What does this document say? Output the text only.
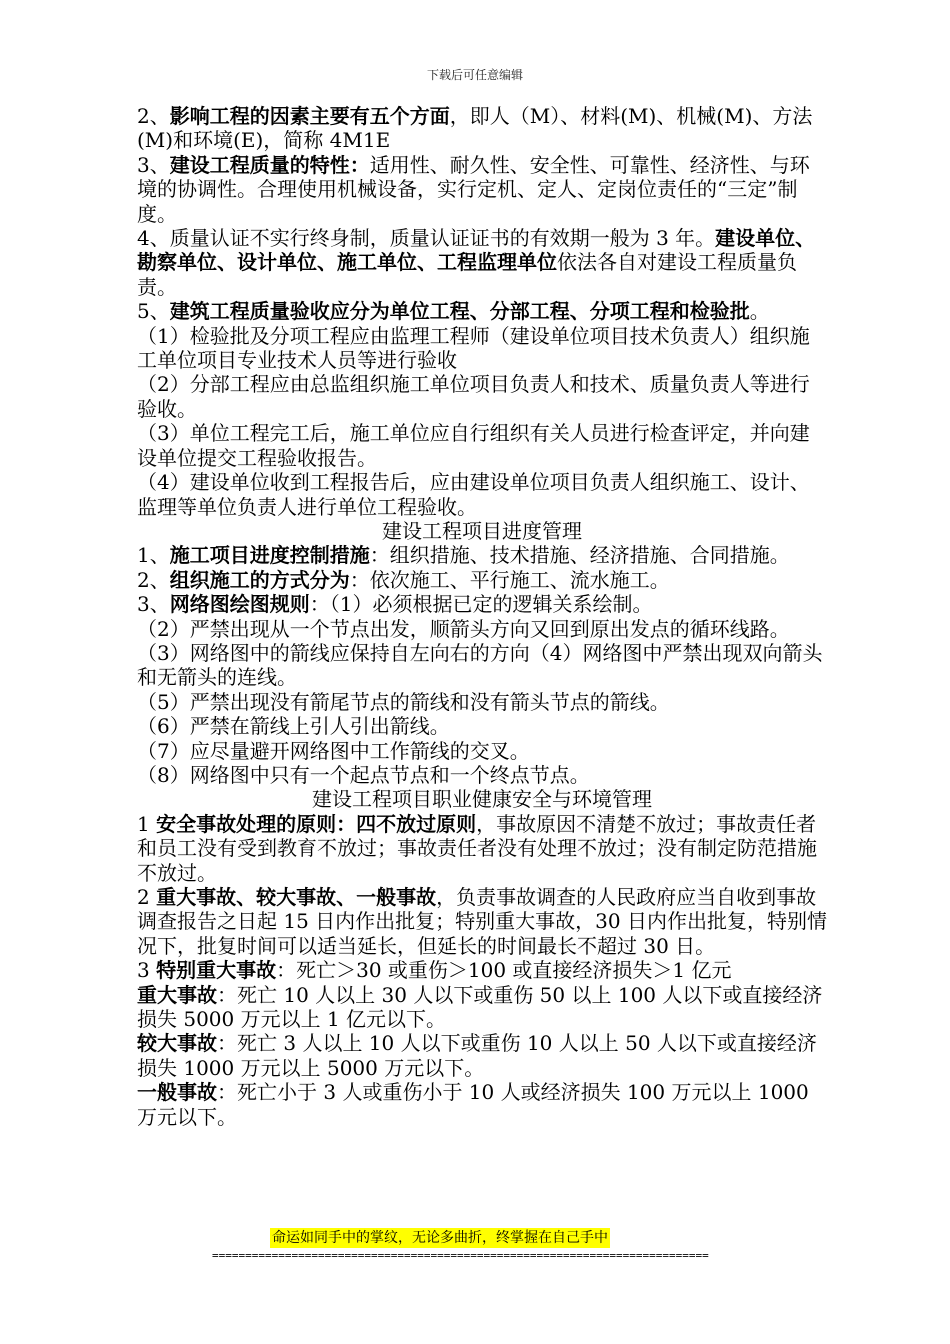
下载后可任意编辑

2、影响工程的因素主要有五个方面，即人（M）、材料(M)、机械(M)、方法(M)和环境(E)，简称 4M1E

3、建设工程质量的特性：适用性、耐久性、安全性、可靠性、经济性、与环境的协调性。合理使用机械设备，实行定机、定人、定岗位责任的“三定”制度。

4、质量认证不实行终身制，质量认证证书的有效期一般为 3 年。建设单位、勘察单位、设计单位、施工单位、工程监理单位依法各自对建设工程质量负责。

5、建筑工程质量验收应分为单位工程、分部工程、分项工程和检验批。

（1）检验批及分项工程应由监理工程师（建设单位项目技术负责人）组织施工单位项目专业技术人员等进行验收

（2）分部工程应由总监组织施工单位项目负责人和技术、质量负责人等进行验收。

（3）单位工程完工后，施工单位应自行组织有关人员进行检查评定，并向建设单位提交工程验收报告。

（4）建设单位收到工程报告后，应由建设单位项目负责人组织施工、设计、监理等单位负责人进行单位工程验收。

建设工程项目进度管理

1、施工项目进度控制措施：组织措施、技术措施、经济措施、合同措施。

2、组织施工的方式分为：依次施工、平行施工、流水施工。

3、网络图绘图规则：（1）必须根据已定的逻辑关系绘制。

（2）严禁出现从一个节点出发，顺箭头方向又回到原出发点的循环线路。

（3）网络图中的箭线应保持自左向右的方向（4）网络图中严禁出现双向箭头和无箭头的连线。

（5）严禁出现没有箭尾节点的箭线和没有箭头节点的箭线。

（6）严禁在箭线上引人引出箭线。

（7）应尽量避开网络图中工作箭线的交叉。

（8）网络图中只有一个起点节点和一个终点节点。

建设工程项目职业健康安全与环境管理

1 安全事故处理的原则：四不放过原则，事故原因不清楚不放过；事故责任者和员工没有受到教育不放过；事故责任者没有处理不放过；没有制定防范措施不放过。

2 重大事故、较大事故、一般事故，负责事故调查的人民政府应当自收到事故调查报告之日起 15 日内作出批复；特别重大事故，30 日内作出批复，特别情况下，批复时间可以适当延长，但延长的时间最长不超过 30 日。

3 特别重大事故：死亡＞30 或重伤＞100 或直接经济损失＞1 亿元

重大事故：死亡 10 人以上 30 人以下或重伤 50 以上 100 人以下或直接经济损失 5000 万元以上 1 亿元以下。

较大事故：死亡 3 人以上 10 人以下或重伤 10 人以上 50 人以下或直接经济损失 1000 万元以上 5000 万元以下。

一般事故：死亡小于 3 人或重伤小于 10 人或经济损失 100 万元以上 1000 万元以下。

命运如同手中的掌纹，无论多曲折，终掌握在自己手中
===========================================================================
